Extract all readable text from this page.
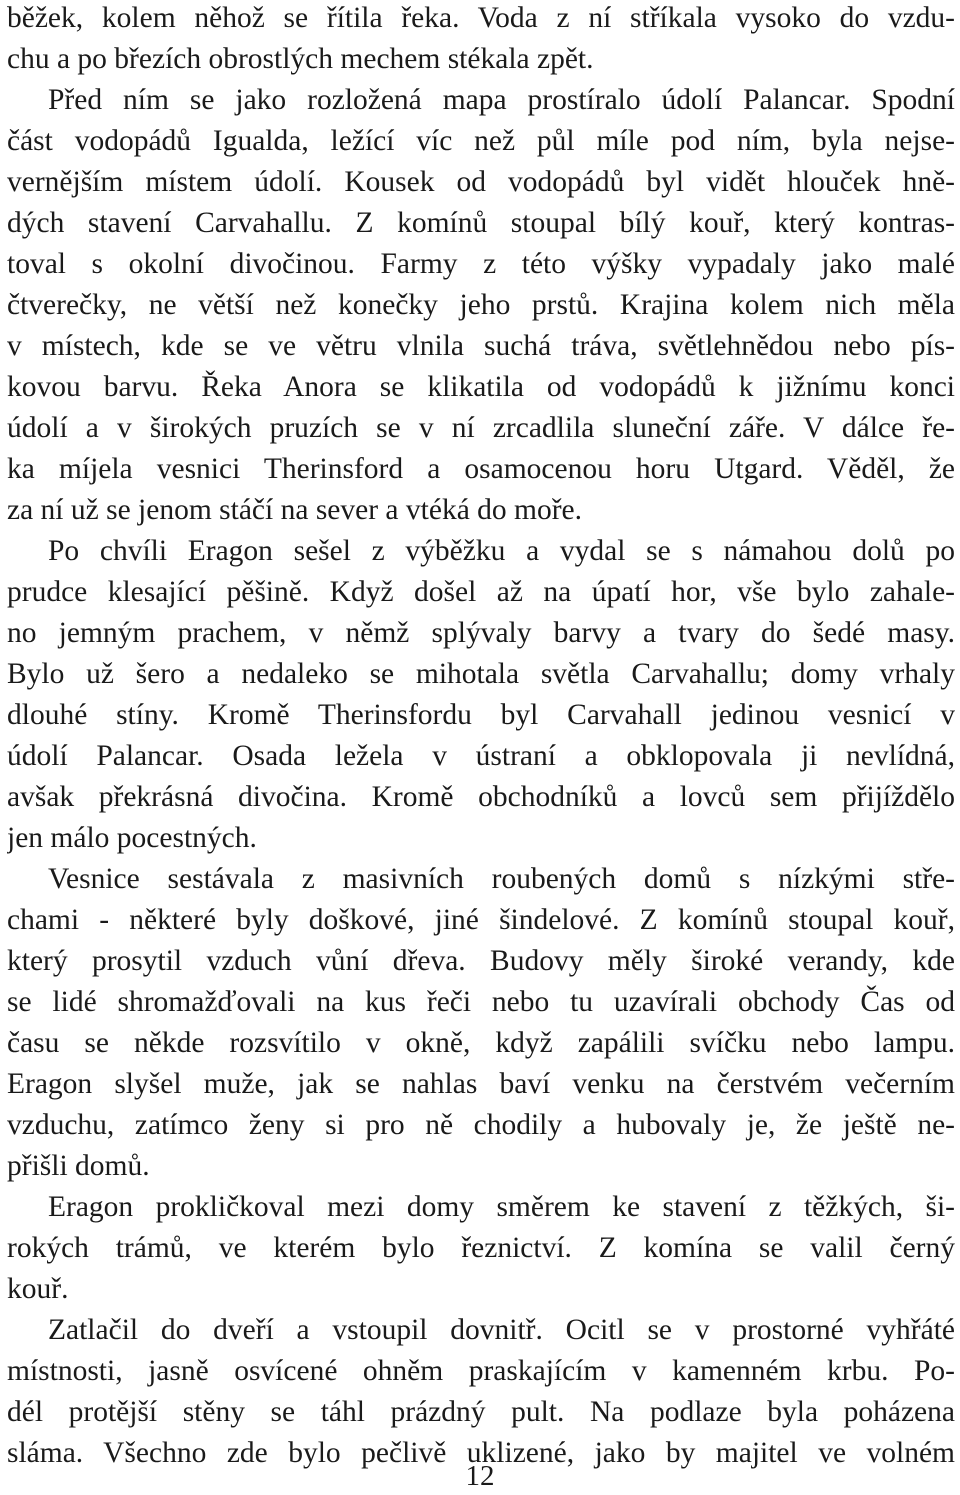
běžek, kolem něhož se řítila řeka. Voda z ní stříkala vysoko do vzdu-
chu a po březích obrostlých mechem stékala zpět.
Před ním se jako rozložená mapa prostíralo údolí Palancar. Spodní
část vodopádů Igualda, ležící víc než půl míle pod ním, byla nejse-
vernějším místem údolí. Kousek od vodopádů byl vidět hlouček hně-
dých stavení Carvahallu. Z komínů stoupal bílý kouř, který kontras-
toval s okolní divočinou. Farmy z této výšky vypadaly jako malé
čtverečky, ne větší než konečky jeho prstů. Krajina kolem nich měla
v místech, kde se ve větru vlnila suchá tráva, světlehnědou nebo pís-
kovou barvu. Řeka Anora se klikatila od vodopádů k jižnímu konci
údolí a v širokých pruzích se v ní zrcadlila sluneční záře. V dálce ře-
ka míjela vesnici Therinsford a osamocenou horu Utgard. Věděl, že
za ní už se jenom stáčí na sever a vtéká do moře.
Po chvíli Eragon sešel z výběžku a vydal se s námahou dolů po
prudce klesající pěšině. Když došel až na úpatí hor, vše bylo zahale-
no jemným prachem, v němž splývaly barvy a tvary do šedé masy.
Bylo už šero a nedaleko se mihotala světla Carvahallu; domy vrhaly
dlouhé stíny. Kromě Therinsfordu byl Carvahall jedinou vesnicí v
údolí Palancar. Osada ležela v ústraní a obklopovala ji nevlídná,
avšak překrásná divočina. Kromě obchodníků a lovců sem přijíždělo
jen málo pocestných.
Vesnice sestávala z masivních roubených domů s nízkými stře-
chami - některé byly doškové, jiné šindelové. Z komínů stoupal kouř,
který prosytil vzduch vůní dřeva. Budovy měly široké verandy, kde
se lidé shromažďovali na kus řeči nebo tu uzavírali obchody Čas od
času se někde rozsvítilo v okně, když zapálili svíčku nebo lampu.
Eragon slyšel muže, jak se nahlas baví venku na čerstvém večerním
vzduchu, zatímco ženy si pro ně chodily a hubovaly je, že ještě ne-
přišli domů.
Eragon prokličkoval mezi domy směrem ke stavení z těžkých, ši-
rokých trámů, ve kterém bylo řeznictví. Z komína se valil černý
kouř.
Zatlačil do dveří a vstoupil dovnitř. Ocitl se v prostorné vyhřáté
místnosti, jasně osvícené ohněm praskajícím v kamenném krbu. Po-
dél protější stěny se táhl prázdný pult. Na podlaze byla poházena
sláma. Všechno zde bylo pečlivě uklizené, jako by majitel ve volném
12
